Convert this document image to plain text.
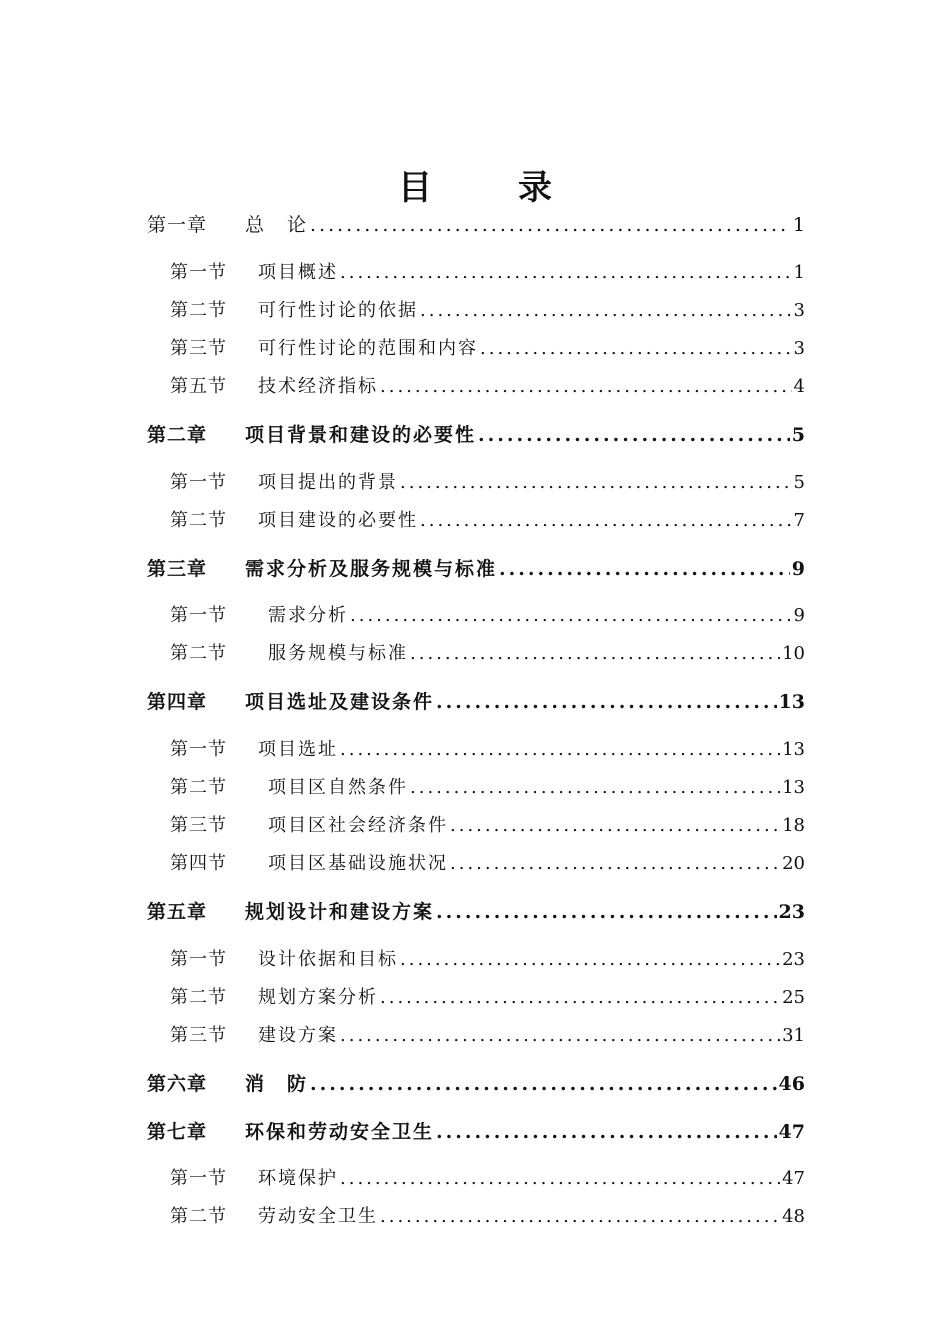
目　录
第一章	总　论 .....	1
第一节	项目概述 .....	1
第二节	可行性讨论的依据 .....	3
第三节	可行性讨论的范围和内容 .....	3
第五节	技术经济指标 .....	4
第二章	项目背景和建设的必要性 .....	5
第一节	项目提出的背景 .....	5
第二节	项目建设的必要性 .....	7
第三章	需求分析及服务规模与标准 .....	9
第一节	需求分析 .....	9
第二节	服务规模与标准 .....	10
第四章	项目选址及建设条件 .....	13
第一节	项目选址 .....	13
第二节	项目区自然条件 .....	13
第三节	项目区社会经济条件 .....	18
第四节	项目区基础设施状况 .....	20
第五章	规划设计和建设方案 .....	23
第一节	设计依据和目标 .....	23
第二节	规划方案分析 .....	25
第三节	建设方案 .....	31
第六章	消　防 .....	46
第七章	环保和劳动安全卫生 .....	47
第一节	环境保护 .....	47
第二节	劳动安全卫生 .....	48
